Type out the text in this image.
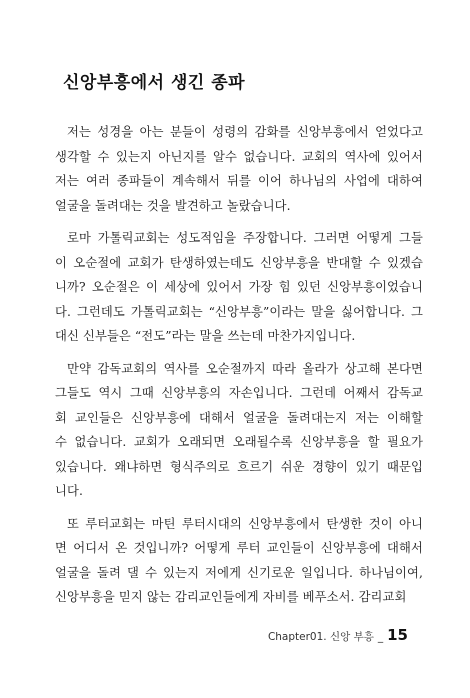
신앙부흥에서 생긴 종파
저는 성경을 아는 분들이 성령의 감화를 신앙부흥에서 얻었다고
생각할 수 있는지 아닌지를 알수 없습니다. 교회의 역사에 있어서
저는 여러 종파들이 계속해서 뒤를 이어 하나님의 사업에 대하여
얼굴을 돌려대는 것을 발견하고 놀랐습니다.
로마 가톨릭교회는 성도적임을 주장합니다. 그러면 어떻게 그들
이 오순절에 교회가 탄생하였는데도 신앙부흥을 반대할 수 있겠습
니까? 오순절은 이 세상에 있어서 가장 힘 있던 신앙부흥이었습니
다. 그런데도 가톨릭교회는 “신앙부흥”이라는 말을 싫어합니다. 그
대신 신부들은 “전도”라는 말을 쓰는데 마찬가지입니다.
만약 감독교회의 역사를 오순절까지 따라 올라가 상고해 본다면
그들도 역시 그때 신앙부흥의 자손입니다. 그런데 어째서 감독교
회 교인들은 신앙부흥에 대해서 얼굴을 돌려대는지 저는 이해할
수 없습니다. 교회가 오래되면 오래될수록 신앙부흥을 할 필요가
있습니다. 왜냐하면 형식주의로 흐르기 쉬운 경향이 있기 때문입
니다.
또 루터교회는 마틴 루터시대의 신앙부흥에서 탄생한 것이 아니
면 어디서 온 것입니까? 어떻게 루터 교인들이 신앙부흥에 대해서
얼굴을 돌려 댈 수 있는지 저에게 신기로운 일입니다. 하나님이여,
신앙부흥을 믿지 않는 감리교인들에게 자비를 베푸소서. 감리교회
Chapter01. 신앙 부흥 _ 15
